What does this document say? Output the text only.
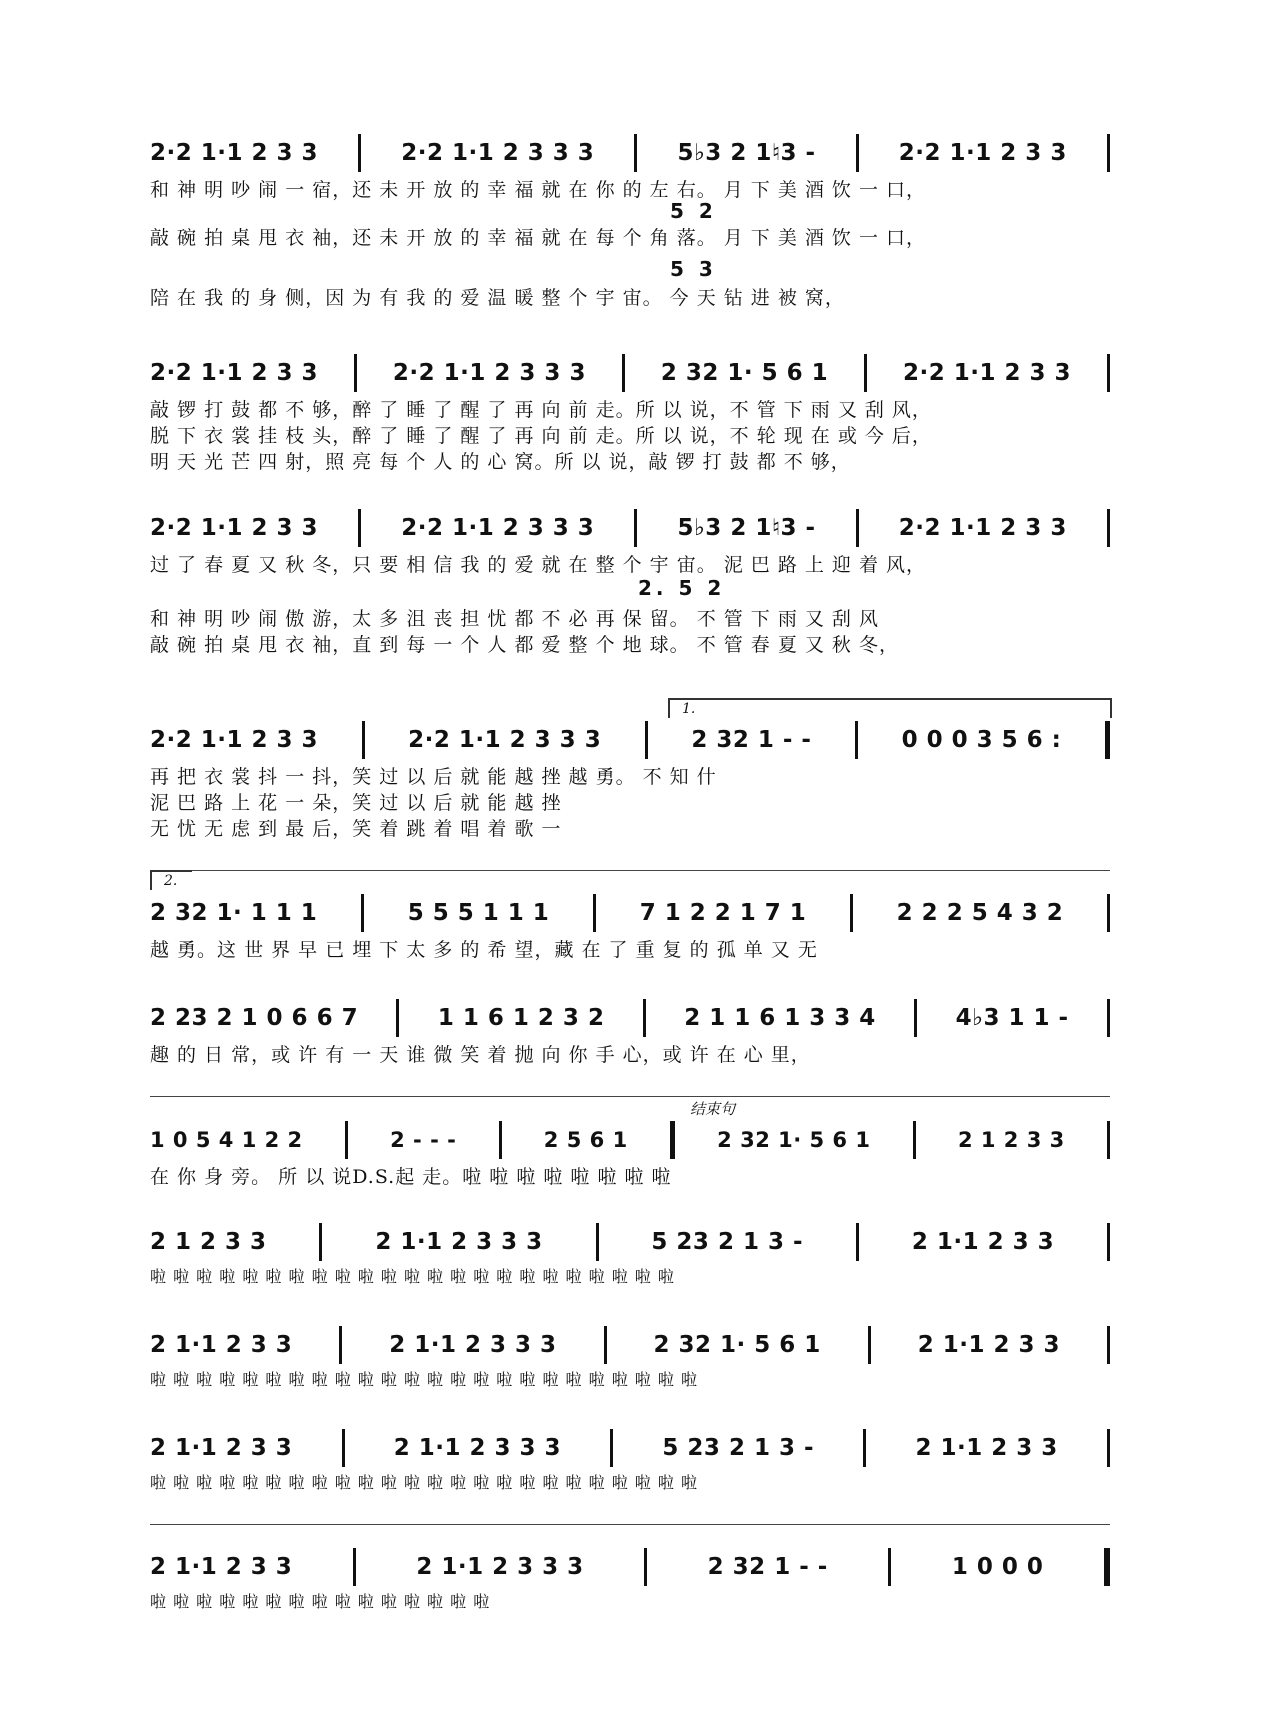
2·2 1·1 2 3 3	2·2 1·1 2 3 3 3	5♭3 2 1♮3 -	2·2 1·1 2 3 3
和 神 明 吵 闹 一 宿，还 未 开 放 的 幸 福 就 在 你 的 左 右。 月 下 美 酒 饮 一 口，
5 2
敲 碗 拍 桌 甩 衣 袖，还 未 开 放 的 幸 福 就 在 每 个 角 落。 月 下 美 酒 饮 一 口，
5 3
陪 在 我 的 身 侧，因 为 有 我 的 爱 温 暖 整 个 宇 宙。 今 天 钻 进 被 窝，
2·2 1·1 2 3 3	2·2 1·1 2 3 3 3	2 32 1· 5 6 1	2·2 1·1 2 3 3
敲 锣 打 鼓 都 不 够，醉 了 睡 了 醒 了 再 向 前 走。所 以 说，不 管 下 雨 又 刮 风，
脱 下 衣 裳 挂 枝 头，醉 了 睡 了 醒 了 再 向 前 走。所 以 说，不 轮 现 在 或 今 后，
明 天 光 芒 四 射，照 亮 每 个 人 的 心 窝。所 以 说，敲 锣 打 鼓 都 不 够，
2·2 1·1 2 3 3	2·2 1·1 2 3 3 3	5♭3 2 1♮3 -	2·2 1·1 2 3 3
过 了 春 夏 又 秋 冬，只 要 相 信 我 的 爱 就 在 整 个 宇 宙。 泥 巴 路 上 迎 着 风，
2. 5 2
和 神 明 吵 闹 傲 游，太 多 沮 丧 担 忧 都 不 必 再 保 留。 不 管 下 雨 又 刮 风
敲 碗 拍 桌 甩 衣 袖，直 到 每 一 个 人 都 爱 整 个 地 球。 不 管 春 夏 又 秋 冬，
1.
2·2 1·1 2 3 3	2·2 1·1 2 3 3 3	2 32 1 - -	0 0 0 3 5 6 :
再 把 衣 裳 抖 一 抖，笑 过 以 后 就 能 越 挫 越 勇。 不 知 什
泥 巴 路 上 花 一 朵，笑 过 以 后 就 能 越 挫
无 忧 无 虑 到 最 后，笑 着 跳 着 唱 着 歌 一
2.
2 32 1· 1 1 1	5 5 5 1 1 1	7 1 2 2 1 7 1	2 2 2 5 4 3 2
越 勇。这 世 界 早 已 埋 下 太 多 的 希 望，藏 在 了 重 复 的 孤 单 又 无
2 23 2 1 0 6 6 7	1 1 6 1 2 3 2	2 1 1 6 1 3 3 4	4♭3 1 1 -
趣 的 日 常，或 许 有 一 天 谁 微 笑 着 抛 向 你 手 心，或 许 在 心 里，
结束句
1 0 5 4 1 2 2	2 - - -	2 5 6 1	2 32 1· 5 6 1	2 1 2 3 3
在 你 身 旁。 所 以 说D.S.起 走。啦 啦 啦 啦 啦 啦 啦 啦
2 1 2 3 3	2 1·1 2 3 3 3	5 23 2 1 3 -	2 1·1 2 3 3
啦 啦 啦 啦 啦 啦 啦 啦 啦 啦 啦 啦 啦 啦 啦 啦 啦 啦 啦 啦 啦 啦 啦
2 1·1 2 3 3	2 1·1 2 3 3 3	2 32 1· 5 6 1	2 1·1 2 3 3
啦 啦 啦 啦 啦 啦 啦 啦 啦 啦 啦 啦 啦 啦 啦 啦 啦 啦 啦 啦 啦 啦 啦 啦
2 1·1 2 3 3	2 1·1 2 3 3 3	5 23 2 1 3 -	2 1·1 2 3 3
啦 啦 啦 啦 啦 啦 啦 啦 啦 啦 啦 啦 啦 啦 啦 啦 啦 啦 啦 啦 啦 啦 啦 啦
2 1·1 2 3 3	2 1·1 2 3 3 3	2 32 1 - -	1 0 0 0
啦 啦 啦 啦 啦 啦 啦 啦 啦 啦 啦 啦 啦 啦 啦
